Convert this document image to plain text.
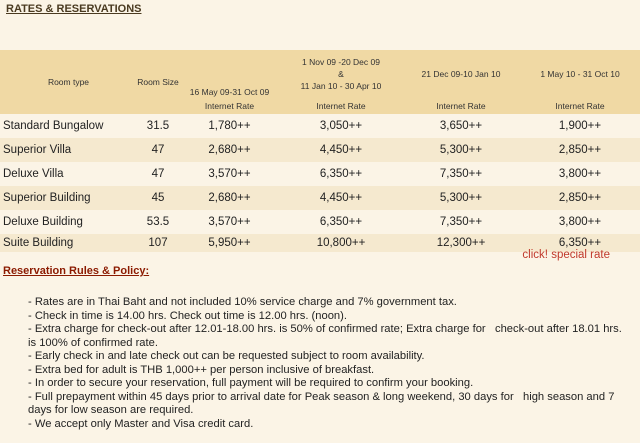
RATES & RESERVATIONS
Room type	Room Size	16 May 09-31 Oct 09	1 Nov 09 -20 Dec 09
&
11 Jan 10 - 30 Apr 10	21 Dec 09-10 Jan 10	1 May 10 - 31 Oct 10
		Internet Rate	Internet Rate	Internet Rate	Internet Rate
Standard Bungalow	31.5	1,780++	3,050++	3,650++	1,900++
Superior Villa	47	2,680++	4,450++	5,300++	2,850++
Deluxe Villa	47	3,570++	6,350++	7,350++	3,800++
Superior Building	45	2,680++	4,450++	5,300++	2,850++
Deluxe Building	53.5	3,570++	6,350++	7,350++	3,800++
Suite Building	107	5,950++	10,800++	12,300++	6,350++
click! special rate
Reservation Rules & Policy:
- Rates are in Thai Baht and not included 10% service charge and 7% government tax.
- Check in time is 14.00 hrs. Check out time is 12.00 hrs. (noon).
- Extra charge for check-out after 12.01-18.00 hrs. is 50% of confirmed rate; Extra charge for   check-out after 18.01 hrs. is 100% of confirmed rate.
- Early check in and late check out can be requested subject to room availability.
- Extra bed for adult is THB 1,000++ per person inclusive of breakfast.
- In order to secure your reservation, full payment will be required to confirm your booking.
- Full prepayment within 45 days prior to arrival date for Peak season & long weekend, 30 days for   high season and 7 days for low season are required.
- We accept only Master and Visa credit card.
